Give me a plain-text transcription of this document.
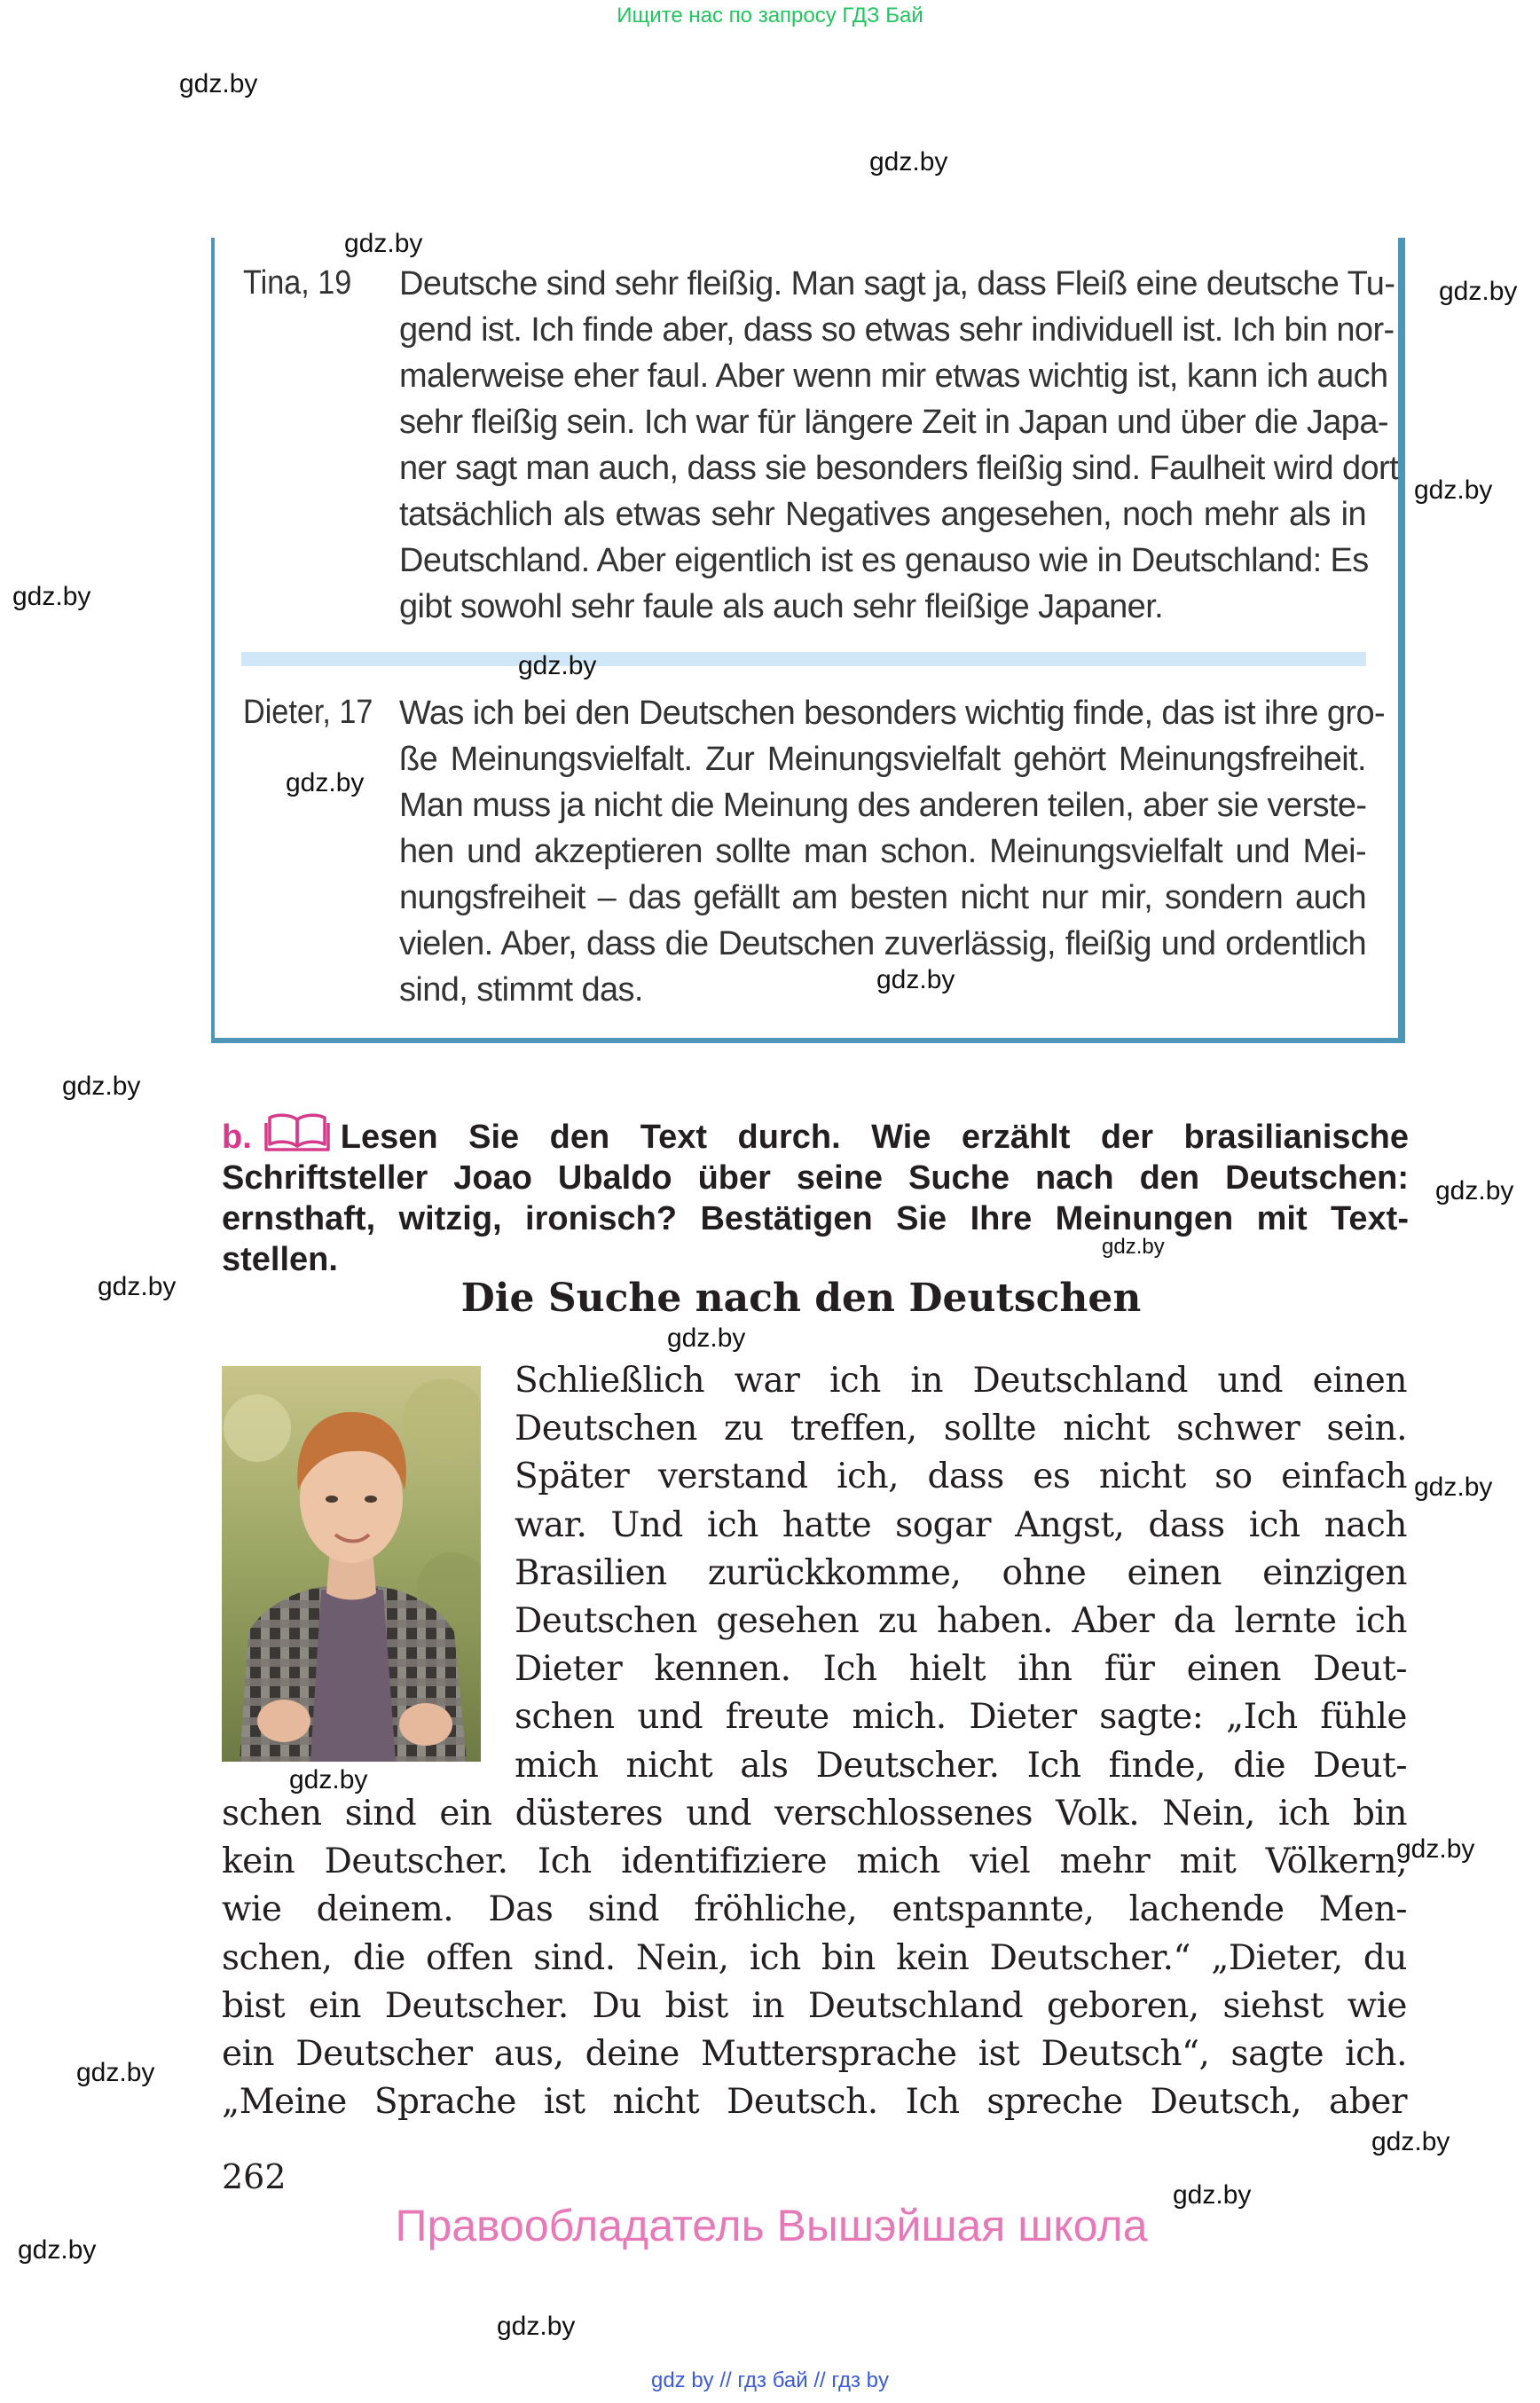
Ищите нас по запросу ГДЗ Бай
Tina, 19 Deutsche sind sehr fleißig. Man sagt ja, dass Fleiß eine deutsche Tu-
gend ist. Ich finde aber, dass so etwas sehr individuell ist. Ich bin nor-
malerweise eher faul. Aber wenn mir etwas wichtig ist, kann ich auch
sehr fleißig sein. Ich war für längere Zeit in Japan und über die Japa-
ner sagt man auch, dass sie besonders fleißig sind. Faulheit wird dort
tatsächlich als etwas sehr Negatives angesehen, noch mehr als in
Deutschland. Aber eigentlich ist es genauso wie in Deutschland: Es
gibt sowohl sehr faule als auch sehr fleißige Japaner.
Dieter, 17 Was ich bei den Deutschen besonders wichtig finde, das ist ihre gro-
ße Meinungsvielfalt. Zur Meinungsvielfalt gehört Meinungsfreiheit.
Man muss ja nicht die Meinung des anderen teilen, aber sie verste-
hen und akzeptieren sollte man schon. Meinungsvielfalt und Mei-
nungsfreiheit – das gefällt am besten nicht nur mir, sondern auch
vielen. Aber, dass die Deutschen zuverlässig, fleißig und ordentlich
sind, stimmt das.
b.	Lesen Sie den Text durch. Wie erzählt der brasilianische
Schriftsteller Joao Ubaldo über seine Suche nach den Deutschen:
ernsthaft, witzig, ironisch? Bestätigen Sie Ihre Meinungen mit Text-
stellen.
Die Suche nach den Deutschen
Schließlich war ich in Deutschland und einen
Deutschen zu treffen, sollte nicht schwer sein.
Später verstand ich, dass es nicht so einfach
war. Und ich hatte sogar Angst, dass ich nach
Brasilien zurückkomme, ohne einen einzigen
Deutschen gesehen zu haben. Aber da lernte ich
Dieter kennen. Ich hielt ihn für einen Deut-
schen und freute mich. Dieter sagte: „Ich fühle
mich nicht als Deutscher. Ich finde, die Deut-
schen sind ein düsteres und verschlossenes Volk. Nein, ich bin
kein Deutscher. Ich identifiziere mich viel mehr mit Völkern,
wie deinem. Das sind fröhliche, entspannte, lachende Men-
schen, die offen sind. Nein, ich bin kein Deutscher.“ „Dieter, du
bist ein Deutscher. Du bist in Deutschland geboren, siehst wie
ein Deutscher aus, deine Muttersprache ist Deutsch“, sagte ich.
„Meine Sprache ist nicht Deutsch. Ich spreche Deutsch, aber
262
Правообладатель Вышэйшая школа
gdz by // гдз бай // гдз by
gdz.by
gdz.by
gdz.by
gdz.by
gdz.by
gdz.by
gdz.by
gdz.by
gdz.by
gdz.by
gdz.by
gdz.by
gdz.by
gdz.by
gdz.by
gdz.by
gdz.by
gdz.by
gdz.by
gdz.by
gdz.by
gdz.by
